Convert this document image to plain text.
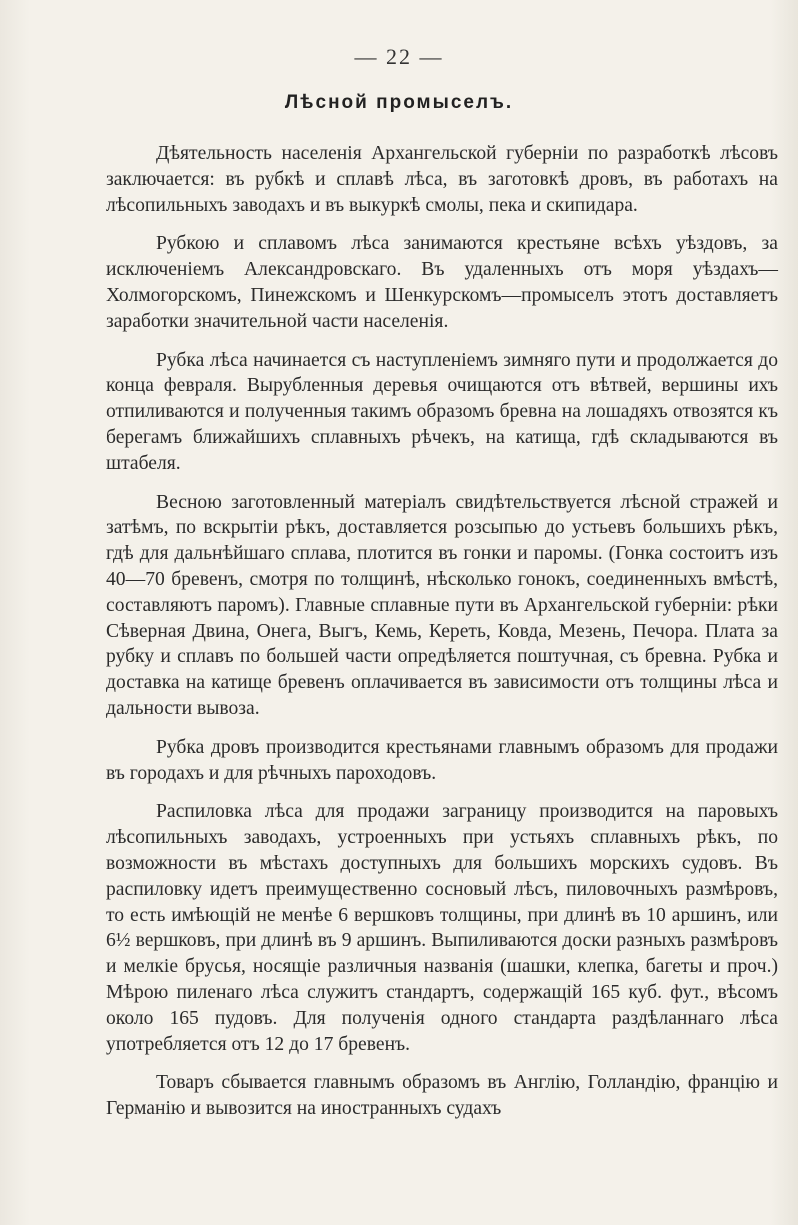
— 22 —
Лѣсной промыселъ.

Дѣятельность населенія Архангельской губерніи по разработкѣ лѣсовъ заключается: въ рубкѣ и сплавѣ лѣса, въ заготовкѣ дровъ, въ работахъ на лѣсопильныхъ заводахъ и въ выкуркѣ смолы, пека и скипидара.

Рубкою и сплавомъ лѣса занимаются крестьяне всѣхъ уѣздовъ, за исключеніемъ Александровскаго. Въ удаленныхъ отъ моря уѣздахъ—Холмогорскомъ, Пинежскомъ и Шенкурскомъ—промыселъ этотъ доставляетъ заработки значительной части населенія.

Рубка лѣса начинается съ наступленіемъ зимняго пути и продолжается до конца февраля. Вырубленныя деревья очищаются отъ вѣтвей, вершины ихъ отпиливаются и полученныя такимъ образомъ бревна на лошадяхъ отвозятся къ берегамъ ближайшихъ сплавныхъ рѣчекъ, на катища, гдѣ складываются въ штабеля.

Весною заготовленный матеріалъ свидѣтельствуется лѣсной стражей и затѣмъ, по вскрытіи рѣкъ, доставляется розсыпью до устьевъ большихъ рѣкъ, гдѣ для дальнѣйшаго сплава, плотится въ гонки и паромы. (Гонка состоитъ изъ 40—70 бревенъ, смотря по толщинѣ, нѣсколько гонокъ, соединенныхъ вмѣстѣ, составляютъ паромъ). Главные сплавные пути въ Архангельской губерніи: рѣки Сѣверная Двина, Онега, Выгъ, Кемь, Кереть, Ковда, Мезень, Печора. Плата за рубку и сплавъ по большей части опредѣляется поштучная, съ бревна. Рубка и доставка на катище бревенъ оплачивается въ зависимости отъ толщины лѣса и дальности вывоза.

Рубка дровъ производится крестьянами главнымъ образомъ для продажи въ городахъ и для рѣчныхъ пароходовъ.

Распиловка лѣса для продажи заграницу производится на паровыхъ лѣсопильныхъ заводахъ, устроенныхъ при устьяхъ сплавныхъ рѣкъ, по возможности въ мѣстахъ доступныхъ для большихъ морскихъ судовъ. Въ распиловку идетъ преимущественно сосновый лѣсъ, пиловочныхъ размѣровъ, то есть имѣющій не менѣе 6 вершковъ толщины, при длинѣ въ 10 аршинъ, или 6½ вершковъ, при длинѣ въ 9 аршинъ. Выпиливаются доски разныхъ размѣровъ и мелкіе брусья, носящіе различныя названія (шашки, клепка, багеты и проч.) Мѣрою пиленаго лѣса служитъ стандартъ, содержащій 165 куб. фут., вѣсомъ около 165 пудовъ. Для полученія одного стандарта раздѣланнаго лѣса употребляется отъ 12 до 17 бревенъ.

Товаръ сбывается главнымъ образомъ въ Англію, Голландію, францію и Германію и вывозится на иностранныхъ судахъ
